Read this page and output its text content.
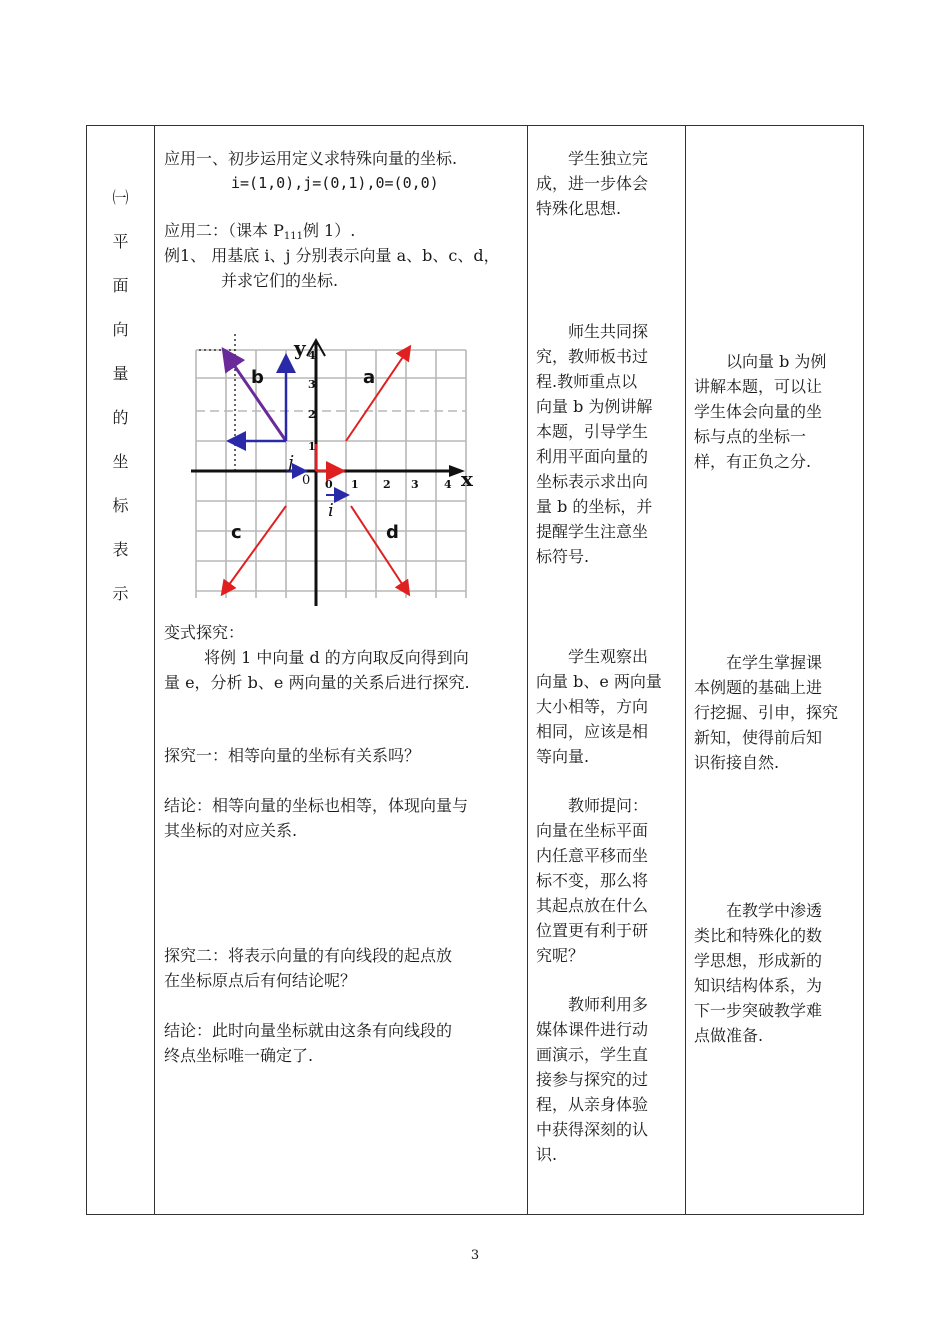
㈠
平
面
向
量
的
坐
标
表
示
应用一、初步运用定义求特殊向量的坐标.
i=(1,0),j=(0,1),0=(0,0)
应用二：（课本 $P_{111}$例 1）.
例1、 用基底 i、j 分别表示向量 a、b、c、d，
并求它们的坐标.
a
b
c	d
0 1 2 3 4
1
2
3
4
0
y
x
j
i
变式探究：
将例 1 中向量 d 的方向取反向得到向
量 e，分析 b、e 两向量的关系后进行探究.
探究一：相等向量的坐标有关系吗？
结论：相等向量的坐标也相等，体现向量与
其坐标的对应关系.
探究二：将表示向量的有向线段的起点放
在坐标原点后有何结论呢？
结论：此时向量坐标就由这条有向线段的
终点坐标唯一确定了.
学生独立完
成，进一步体会
特殊化思想.
师生共同探
究，教师板书过
程.教师重点以
向量 b 为例讲解
本题，引导学生
利用平面向量的
坐标表示求出向
量 b 的坐标，并
提醒学生注意坐
标符号.
学生观察出
向量 b、e 两向量
大小相等，方向
相同，应该是相
等向量.
教师提问：
向量在坐标平面
内任意平移而坐
标不变，那么将
其起点放在什么
位置更有利于研
究呢？
教师利用多
媒体课件进行动
画演示，学生直
接参与探究的过
程，从亲身体验
中获得深刻的认
识.
以向量 b 为例
讲解本题，可以让
学生体会向量的坐
标与点的坐标一
样，有正负之分.
在学生掌握课
本例题的基础上进
行挖掘、引申，探究
新知，使得前后知
识衔接自然.
在教学中渗透
类比和特殊化的数
学思想，形成新的
知识结构体系，为
下一步突破教学难
点做准备.
3
